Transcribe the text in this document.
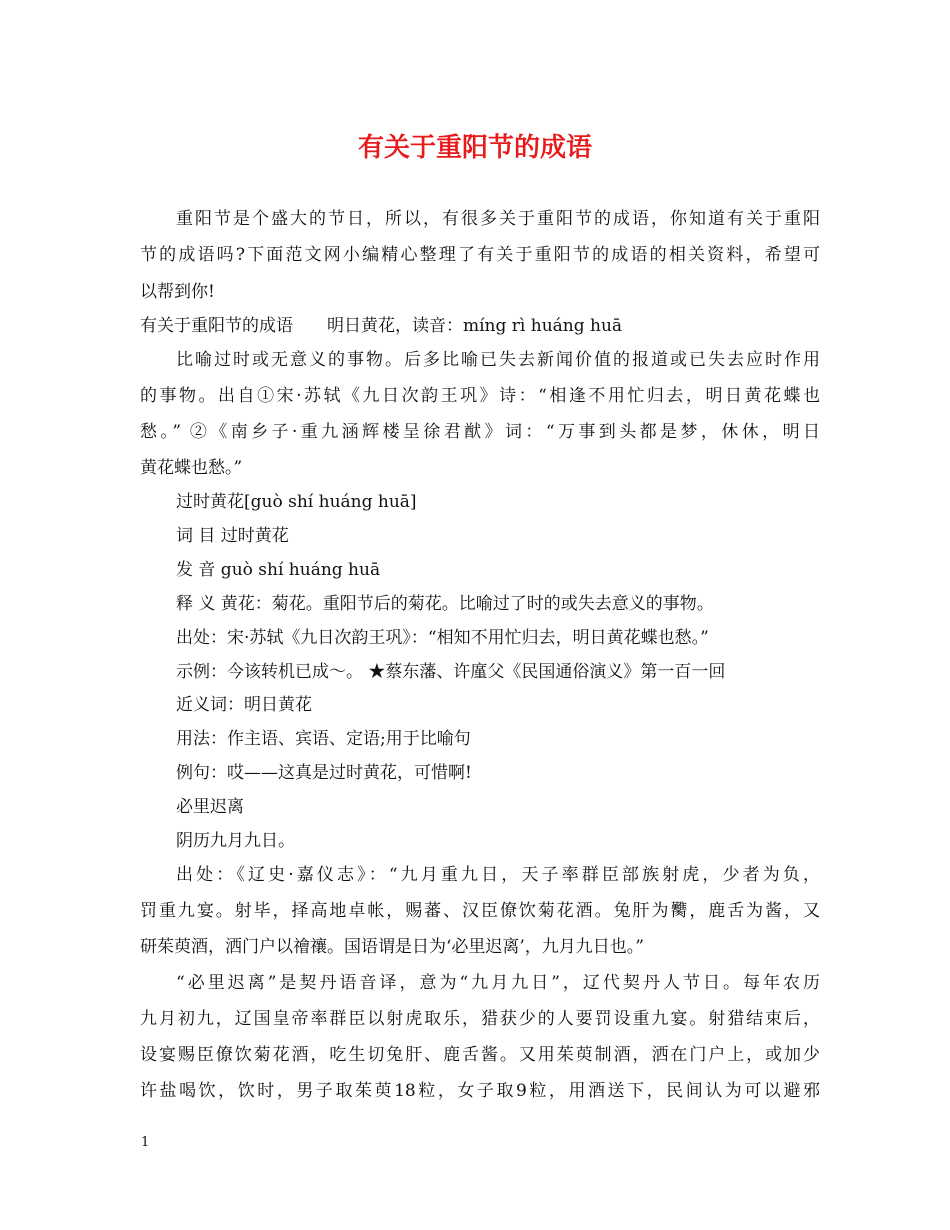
有关于重阳节的成语
重阳节是个盛大的节日，所以，有很多关于重阳节的成语，你知道有关于重阳
节的成语吗?下面范文网小编精心整理了有关于重阳节的成语的相关资料，希望可
以帮到你!
有关于重阳节的成语　　明日黄花，读音：míng rì huáng huā
比喻过时或无意义的事物。后多比喻已失去新闻价值的报道或已失去应时作用
的事物。出自①宋·苏轼《九日次韵王巩》诗：“相逢不用忙归去，明日黄花蝶也
愁。” ②《南乡子·重九涵辉楼呈徐君猷》词：“万事到头都是梦，休休，明日
黄花蝶也愁。”
过时黄花[guò shí huáng huā]
词 目 过时黄花
发 音 guò shí huáng huā
释 义 黄花：菊花。重阳节后的菊花。比喻过了时的或失去意义的事物。
出处：宋·苏轼《九日次韵王巩》：“相知不用忙归去，明日黄花蝶也愁。”
示例：今该转机已成～。 ★蔡东藩、许廑父《民国通俗演义》第一百一回
近义词：明日黄花
用法：作主语、宾语、定语;用于比喻句
例句：哎——这真是过时黄花，可惜啊!
必里迟离
阴历九月九日。
出处：《辽史·嘉仪志》：“九月重九日，天子率群臣部族射虎，少者为负，
罚重九宴。射毕，择高地卓帐，赐蕃、汉臣僚饮菊花酒。兔肝为臡，鹿舌为酱，又
研茱萸酒，洒门户以禬禳。国语谓是日为‘必里迟离’，九月九日也。”
“必里迟离”是契丹语音译，意为“九月九日”，辽代契丹人节日。每年农历
九月初九，辽国皇帝率群臣以射虎取乐，猎获少的人要罚设重九宴。射猎结束后，
设宴赐臣僚饮菊花酒，吃生切兔肝、鹿舌酱。又用茱萸制酒，洒在门户上，或加少
许盐喝饮，饮时，男子取茱萸18粒，女子取9粒，用酒送下，民间认为可以避邪
1
